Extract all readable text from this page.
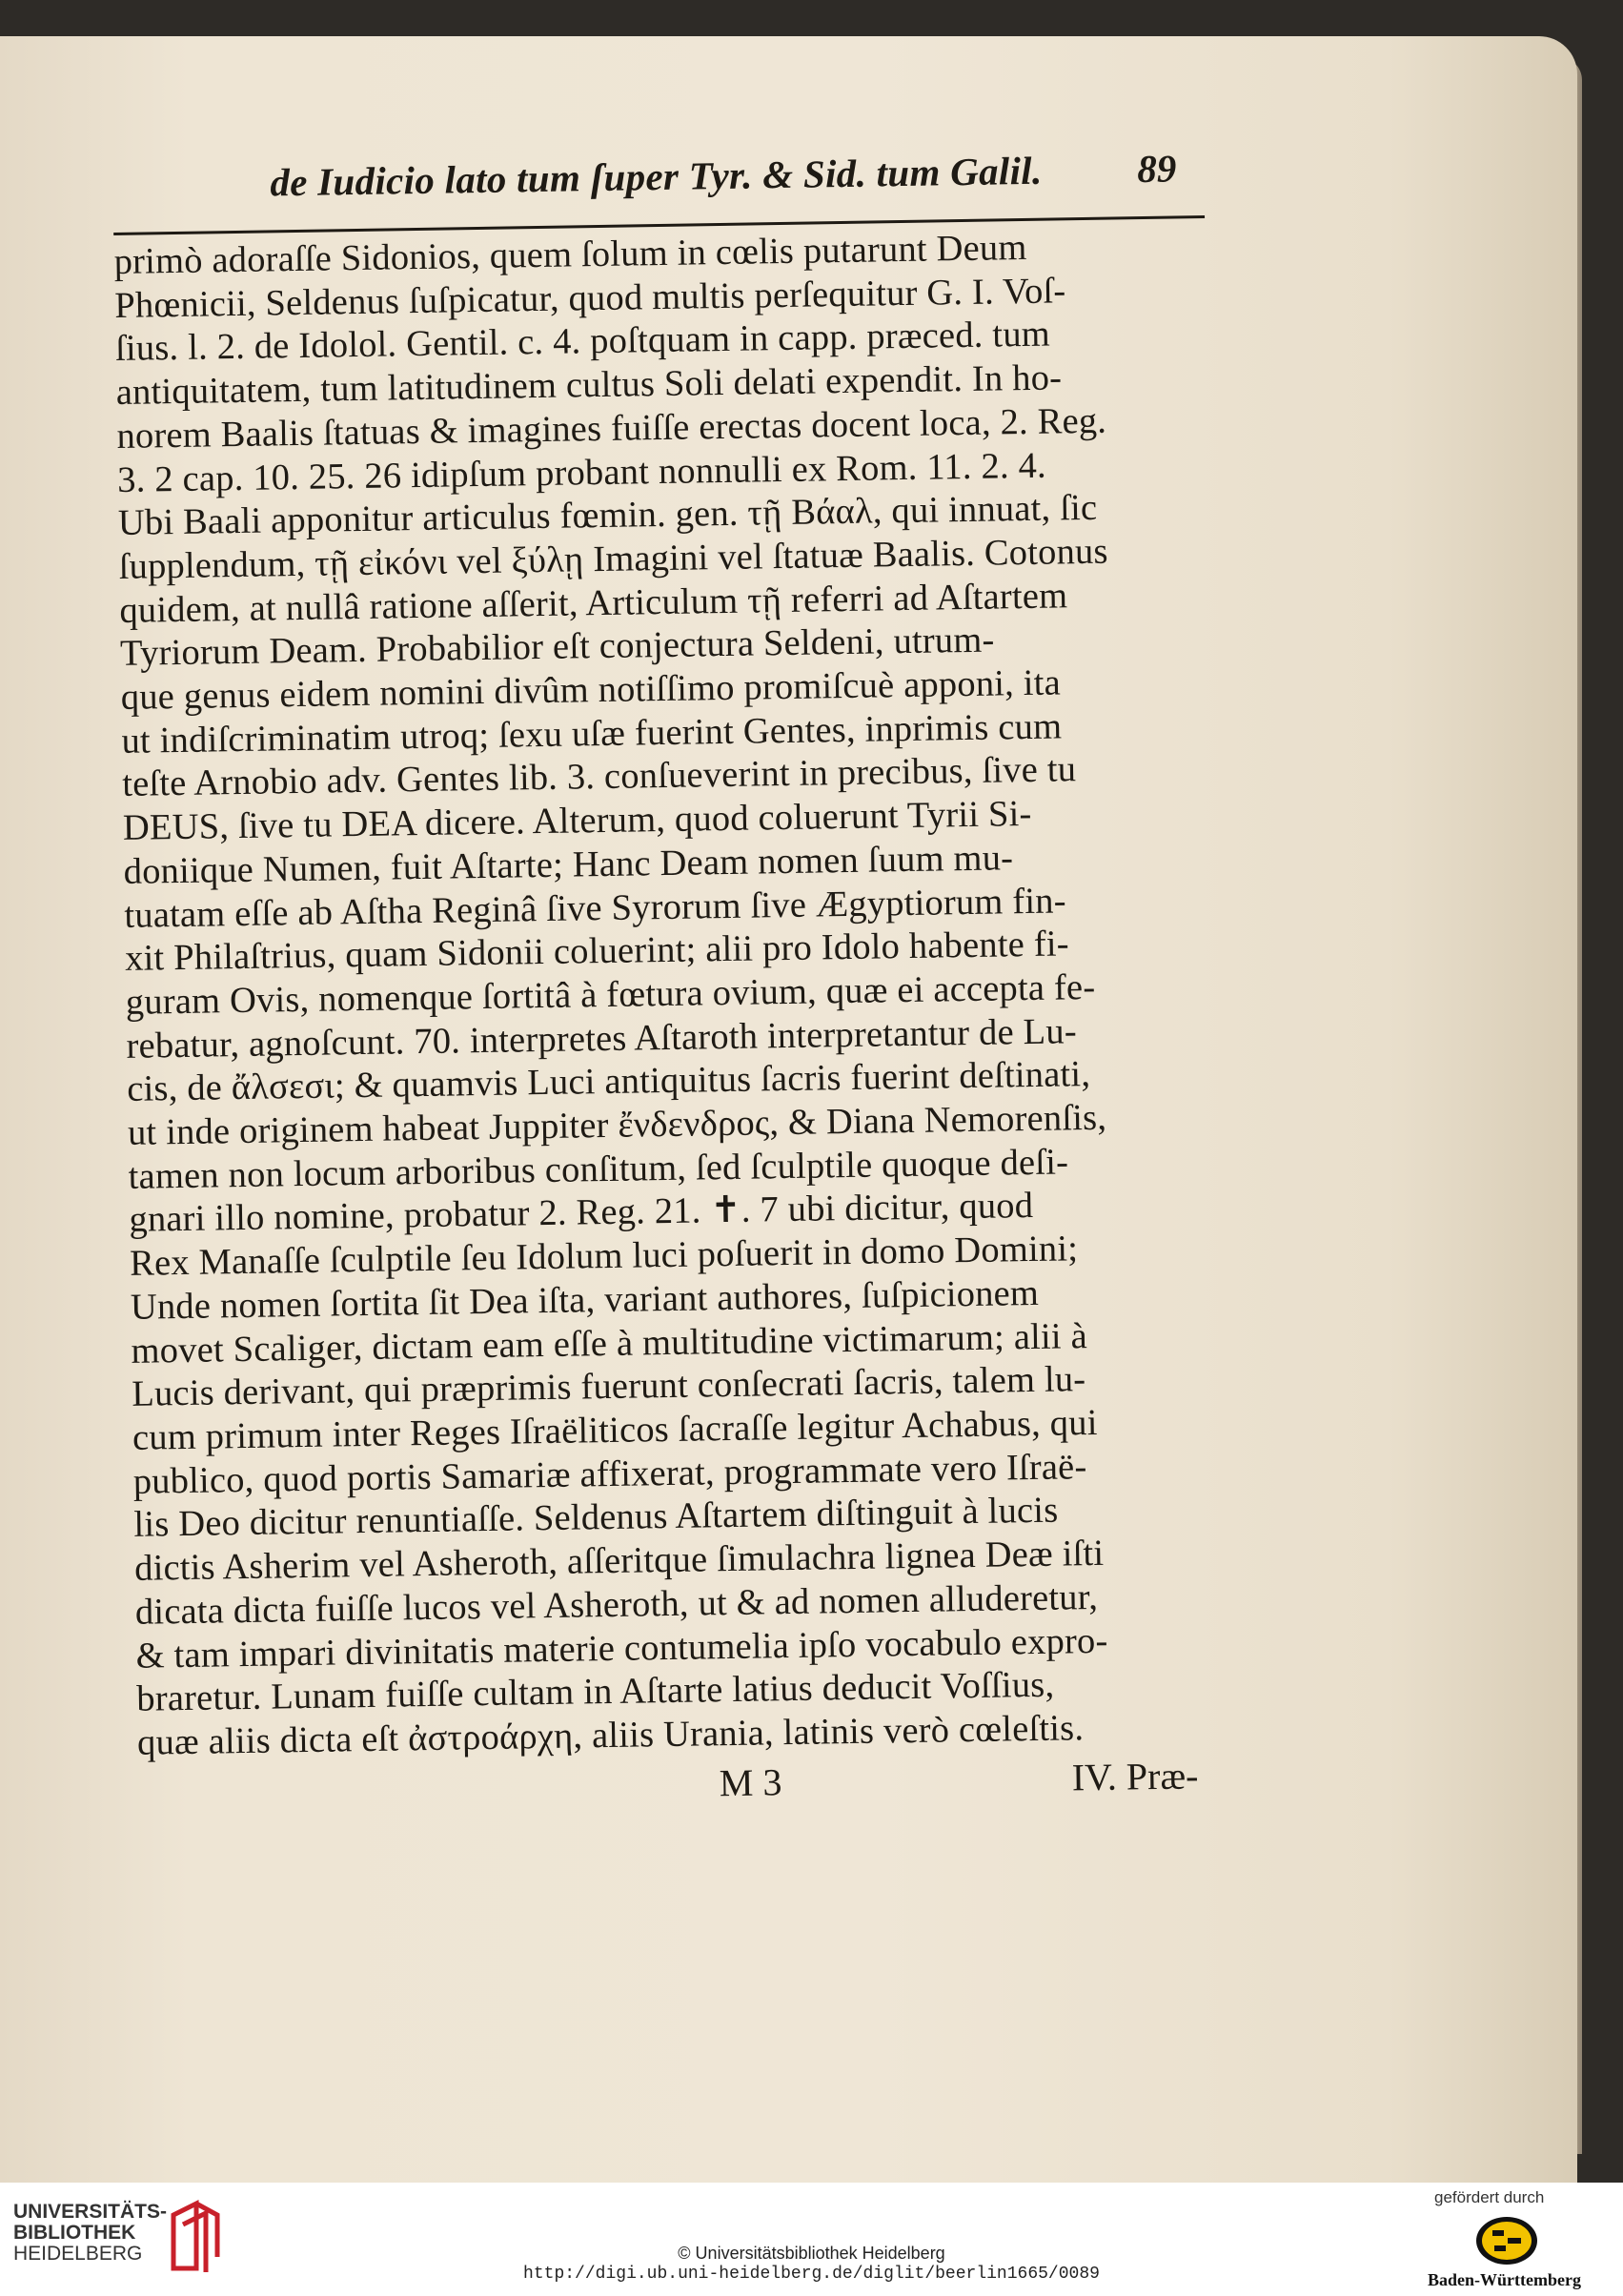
de Iudicio lato tum ſuper Tyr. & Sid. tum Galil. 89
primò adoraſſe Sidonios, quem ſolum in cœlis putarunt Deum
Phœnicii, Seldenus ſuſpicatur, quod multis perſequitur G. I. Voſ-
ſius. l. 2. de Idolol. Gentil. c. 4. poſtquam in capp. præced. tum
antiquitatem, tum latitudinem cultus Soli delati expendit. In ho-
norem Baalis ſtatuas & imagines fuiſſe erectas docent loca, 2. Reg.
3. 2 cap. 10. 25. 26 idipſum probant nonnulli ex Rom. 11. 2. 4.
Ubi Baali apponitur articulus fœmin. gen. τῇ Βάαλ, qui innuat, ſic
ſupplendum, τῇ εἰκόνι vel ξύλῃ Imagini vel ſtatuæ Baalis. Cotonus
quidem, at nullâ ratione aſſerit, Articulum τῇ referri ad Aſtartem
Tyriorum Deam. Probabilior eſt conjectura Seldeni, utrum-
que genus eidem nomini divûm notiſſimo promiſcuè apponi, ita
ut indiſcriminatim utroq; ſexu uſæ fuerint Gentes, inprimis cum
teſte Arnobio adv. Gentes lib. 3. conſueverint in precibus, ſive tu
DEUS, ſive tu DEA dicere. Alterum, quod coluerunt Tyrii Si-
doniique Numen, fuit Aſtarte; Hanc Deam nomen ſuum mu-
tuatam eſſe ab Aſtha Reginâ ſive Syrorum ſive Ægyptiorum fin-
xit Philaſtrius, quam Sidonii coluerint; alii pro Idolo habente fi-
guram Ovis, nomenque ſortitâ à fœtura ovium, quæ ei accepta fe-
rebatur, agnoſcunt. 70. interpretes Aſtaroth interpretantur de Lu-
cis, de ἄλσεσι; & quamvis Luci antiquitus ſacris fuerint deſtinati,
ut inde originem habeat Juppiter ἔνδενδρος, & Diana Nemorenſis,
tamen non locum arboribus conſitum, ſed ſculptile quoque deſi-
gnari illo nomine, probatur 2. Reg. 21. ✝. 7 ubi dicitur, quod
Rex Manaſſe ſculptile ſeu Idolum luci poſuerit in domo Domini;
Unde nomen ſortita ſit Dea iſta, variant authores, ſuſpicionem
movet Scaliger, dictam eam eſſe à multitudine victimarum; alii à
Lucis derivant, qui præprimis fuerunt conſecrati ſacris, talem lu-
cum primum inter Reges Iſraëliticos ſacraſſe legitur Achabus, qui
publico, quod portis Samariæ affixerat, programmate vero Iſraë-
lis Deo dicitur renuntiaſſe. Seldenus Aſtartem diſtinguit à lucis
dictis Asherim vel Asheroth, aſſeritque ſimulachra lignea Deæ iſti
dicata dicta fuiſſe lucos vel Asheroth, ut & ad nomen alluderetur,
& tam impari divinitatis materie contumelia ipſo vocabulo expro-
braretur. Lunam fuiſſe cultam in Aſtarte latius deducit Voſſius,
quæ aliis dicta eſt ἀστροάρχη, aliis Urania, latinis verò cœleſtis.
M 3	IV. Præ-
UNIVERSITÄTS-
BIBLIOTHEK
HEIDELBERG	© Universitätsbibliothek Heidelberg
http://digi.ub.uni-heidelberg.de/diglit/beerlin1665/0089
gefördert durch
Baden-Württemberg
